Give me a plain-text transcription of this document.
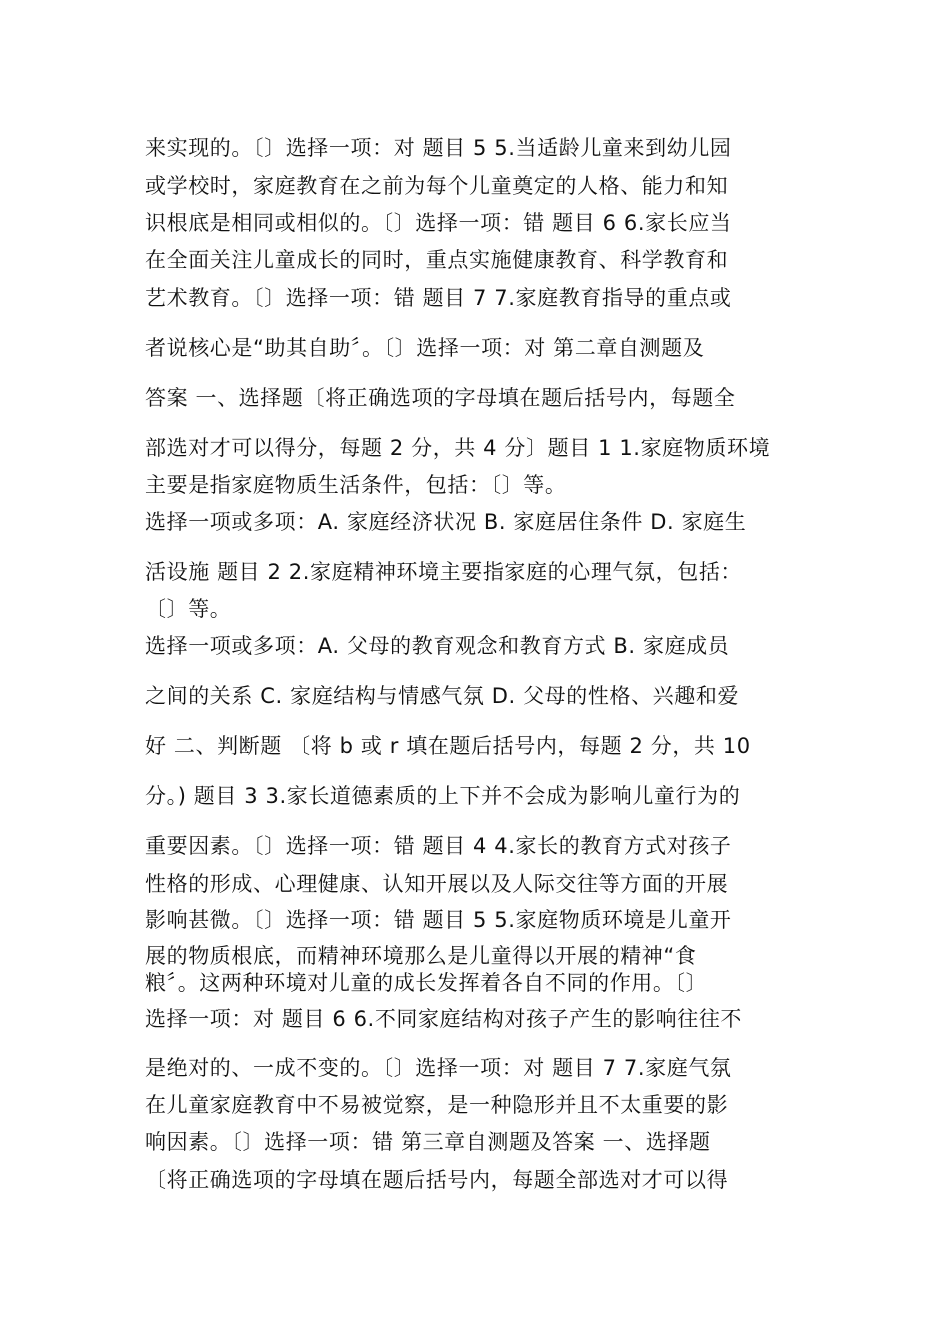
来实现的。〔〕选择一项：对 题目 5 5.当适龄儿童来到幼儿园
或学校时，家庭教育在之前为每个儿童奠定的人格、能力和知
识根底是相同或相似的。〔〕选择一项：错 题目 6 6.家长应当
在全面关注儿童成长的同时，重点实施健康教育、科学教育和
艺术教育。〔〕选择一项：错 题目 7 7.家庭教育指导的重点或
者说核心是“助其自助〞。〔〕选择一项：对 第二章自测题及
答案 一、选择题〔将正确选项的字母填在题后括号内，每题全
部选对才可以得分，每题 2 分，共 4 分〕题目 1 1.家庭物质环境
主要是指家庭物质生活条件，包括：〔〕等。
选择一项或多项：A. 家庭经济状况 B. 家庭居住条件 D. 家庭生
活设施 题目 2 2.家庭精神环境主要指家庭的心理气氛，包括：
〔〕等。
选择一项或多项：A. 父母的教育观念和教育方式 B. 家庭成员
之间的关系 C. 家庭结构与情感气氛 D. 父母的性格、兴趣和爱
好 二、判断题 〔将 b 或 r 填在题后括号内，每题 2 分，共 10
分。) 题目 3 3.家长道德素质的上下并不会成为影响儿童行为的
重要因素。〔〕选择一项：错 题目 4 4.家长的教育方式对孩子
性格的形成、心理健康、认知开展以及人际交往等方面的开展
影响甚微。〔〕选择一项：错 题目 5 5.家庭物质环境是儿童开
展的物质根底，而精神环境那么是儿童得以开展的精神“食
粮〞。这两种环境对儿童的成长发挥着各自不同的作用。〔〕
选择一项：对 题目 6 6.不同家庭结构对孩子产生的影响往往不
是绝对的、一成不变的。〔〕选择一项：对 题目 7 7.家庭气氛
在儿童家庭教育中不易被觉察，是一种隐形并且不太重要的影
响因素。〔〕选择一项：错 第三章自测题及答案 一、选择题
〔将正确选项的字母填在题后括号内，每题全部选对才可以得
